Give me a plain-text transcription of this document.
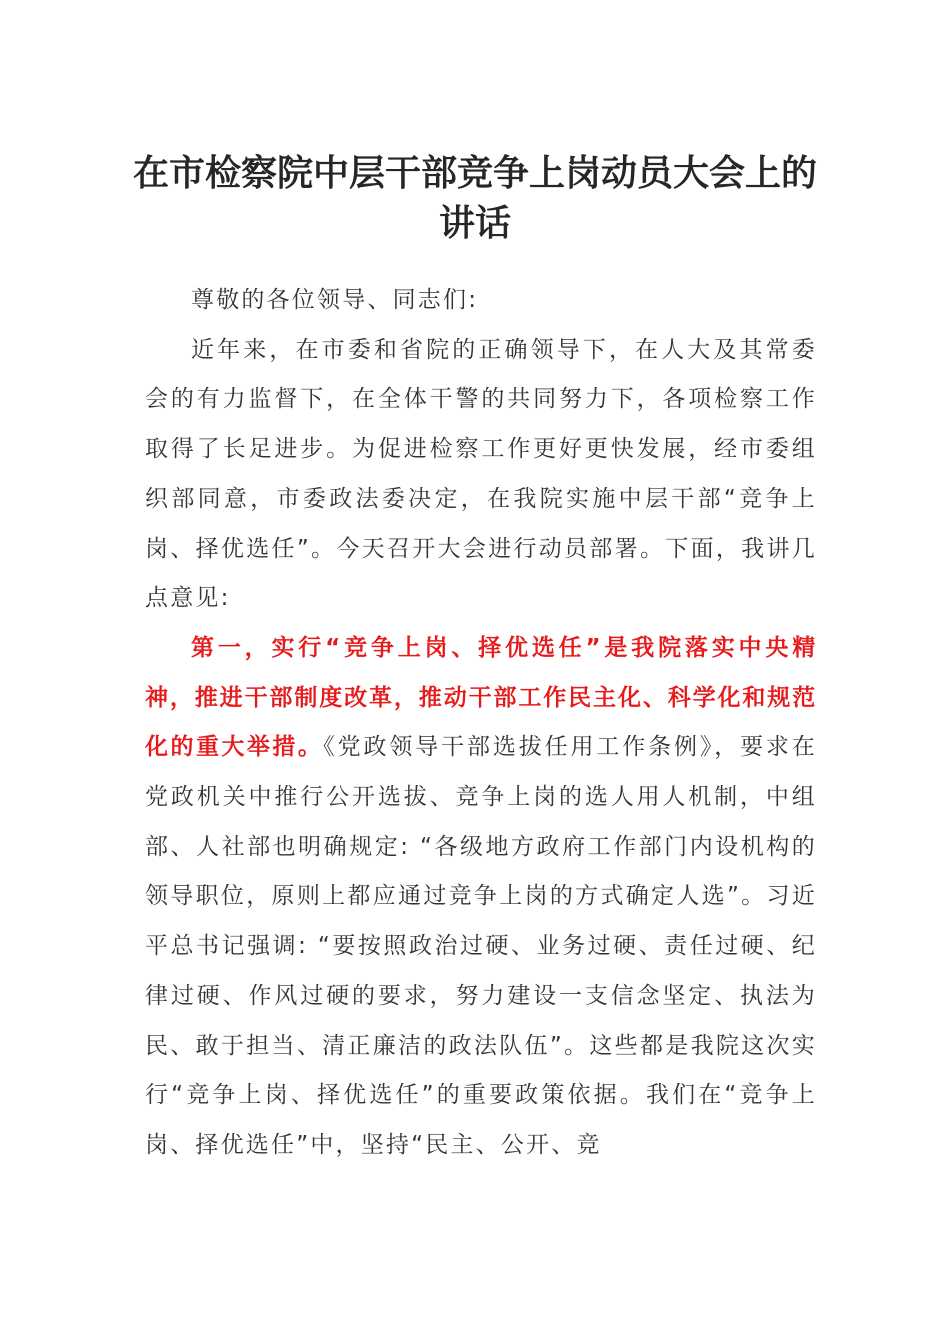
在市检察院中层干部竞争上岗动员大会上的讲话

尊敬的各位领导、同志们:

近年来，在市委和省院的正确领导下，在人大及其常委会的有力监督下，在全体干警的共同努力下，各项检察工作取得了长足进步。为促进检察工作更好更快发展，经市委组织部同意，市委政法委决定，在我院实施中层干部“竞争上岗、择优选任”。今天召开大会进行动员部署。下面，我讲几点意见:

第一，实行“竞争上岗、择优选任”是我院落实中央精神，推进干部制度改革，推动干部工作民主化、科学化和规范化的重大举措。《党政领导干部选拔任用工作条例》，要求在党政机关中推行公开选拔、竞争上岗的选人用人机制，中组部、人社部也明确规定: “各级地方政府工作部门内设机构的领导职位，原则上都应通过竞争上岗的方式确定人选”。习近平总书记强调: “要按照政治过硬、业务过硬、责任过硬、纪律过硬、作风过硬的要求，努力建设一支信念坚定、执法为民、敢于担当、清正廉洁的政法队伍”。这些都是我院这次实行“竞争上岗、择优选任”的重要政策依据。我们在“竞争上岗、择优选任”中，坚持“民主、公开、竞
